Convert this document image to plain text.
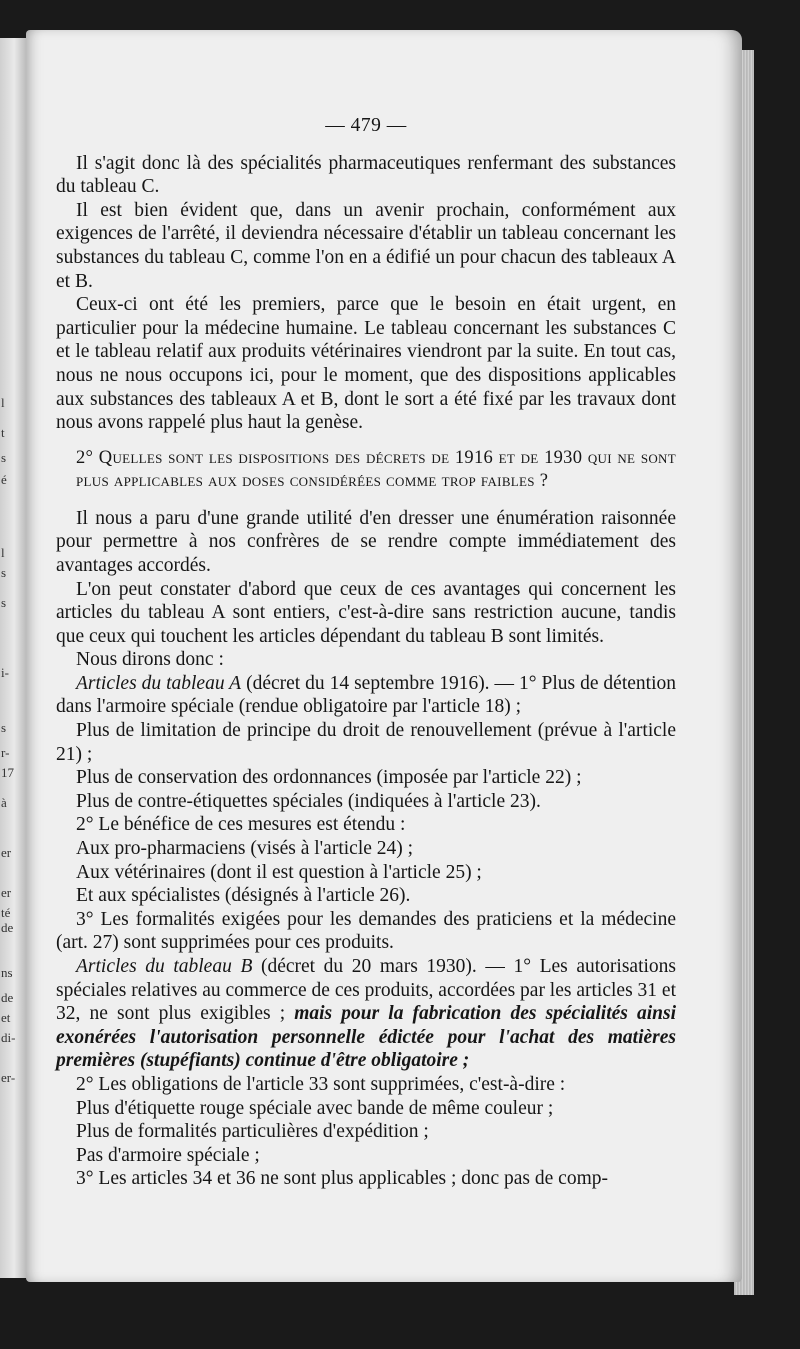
l
t
s
é
l
s
s
i-
s
r-
17
à
er
er
té
de
ns
de
et
di-
er-
— 479 —

Il s'agit donc là des spécialités pharmaceutiques renfermant des substances du tableau C.

Il est bien évident que, dans un avenir prochain, conformément aux exigences de l'arrêté, il deviendra nécessaire d'établir un tableau concernant les substances du tableau C, comme l'on en a édifié un pour chacun des tableaux A et B.

Ceux-ci ont été les premiers, parce que le besoin en était urgent, en particulier pour la médecine humaine. Le tableau concernant les substances C et le tableau relatif aux produits vétérinaires viendront par la suite. En tout cas, nous ne nous occupons ici, pour le moment, que des dispositions applicables aux substances des tableaux A et B, dont le sort a été fixé par les travaux dont nous avons rappelé plus haut la genèse.

2° Quelles sont les dispositions des décrets de 1916 et de 1930 qui ne sont plus applicables aux doses considérées comme trop faibles ?

Il nous a paru d'une grande utilité d'en dresser une énumération raisonnée pour permettre à nos confrères de se rendre compte immédiatement des avantages accordés.

L'on peut constater d'abord que ceux de ces avantages qui concernent les articles du tableau A sont entiers, c'est-à-dire sans restriction aucune, tandis que ceux qui touchent les articles dépendant du tableau B sont limités.

Nous dirons donc :

Articles du tableau A (décret du 14 septembre 1916). — 1° Plus de détention dans l'armoire spéciale (rendue obligatoire par l'article 18) ;

Plus de limitation de principe du droit de renouvellement (prévue à l'article 21) ;

Plus de conservation des ordonnances (imposée par l'article 22) ;

Plus de contre-étiquettes spéciales (indiquées à l'article 23).

2° Le bénéfice de ces mesures est étendu :

Aux pro-pharmaciens (visés à l'article 24) ;

Aux vétérinaires (dont il est question à l'article 25) ;

Et aux spécialistes (désignés à l'article 26).

3° Les formalités exigées pour les demandes des praticiens et la médecine (art. 27) sont supprimées pour ces produits.

Articles du tableau B (décret du 20 mars 1930). — 1° Les autorisations spéciales relatives au commerce de ces produits, accordées par les articles 31 et 32, ne sont plus exigibles ; mais pour la fabrication des spécialités ainsi exonérées l'autorisation personnelle édictée pour l'achat des matières premières (stupéfiants) continue d'être obligatoire ;

2° Les obligations de l'article 33 sont supprimées, c'est-à-dire :

Plus d'étiquette rouge spéciale avec bande de même couleur ;

Plus de formalités particulières d'expédition ;

Pas d'armoire spéciale ;

3° Les articles 34 et 36 ne sont plus applicables ; donc pas de comp-
